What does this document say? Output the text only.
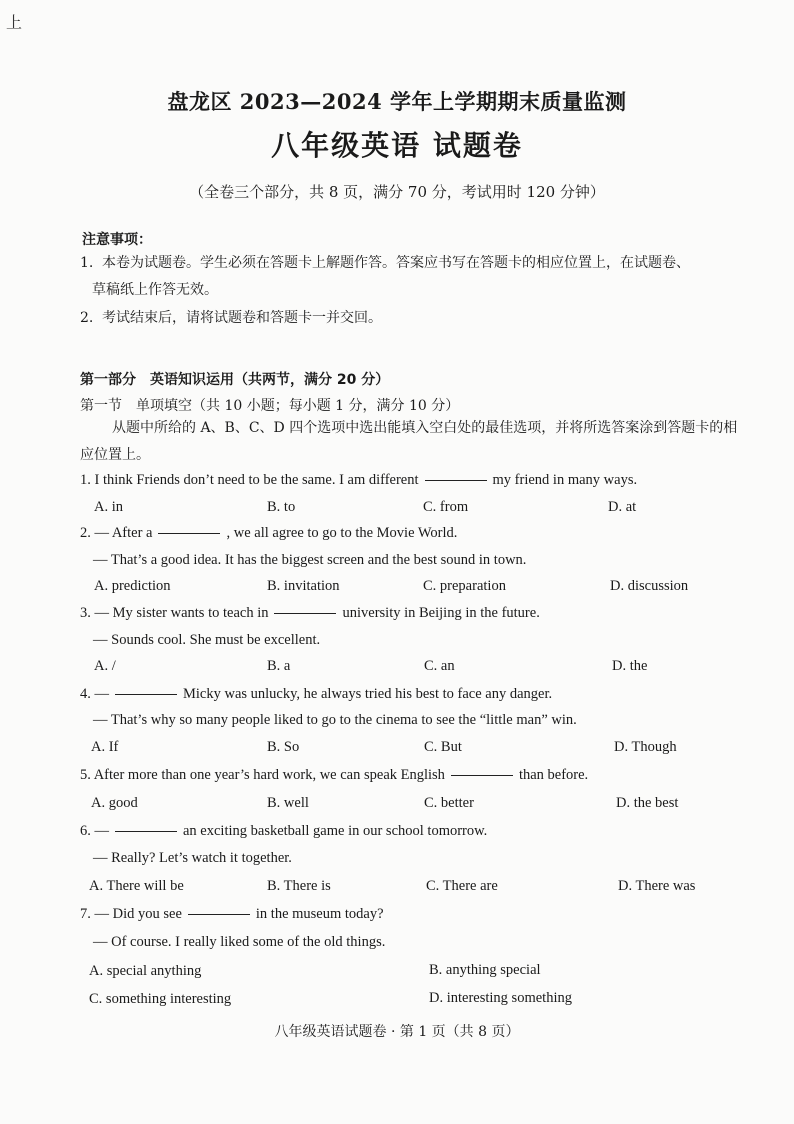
上
盘龙区 2023—2024 学年上学期期末质量监测
八年级英语 试题卷
（全卷三个部分，共 8 页，满分 70 分，考试用时 120 分钟）
注意事项：
1. 本卷为试题卷。学生必须在答题卡上解题作答。答案应书写在答题卡的相应位置上，在试题卷、
草稿纸上作答无效。
2. 考试结束后，请将试题卷和答题卡一并交回。
第一部分　英语知识运用（共两节，满分 20 分）
第一节　单项填空（共 10 小题；每小题 1 分，满分 10 分）
从题中所给的 A、B、C、D 四个选项中选出能填入空白处的最佳选项，并将所选答案涂到答题卡的相应位置上。
1. I think Friends don’t need to be the same. I am different	my friend in many ways.
A. in	B. to	C. from	D. at
2. — After a	, we all agree to go to the Movie World.
— That’s a good idea. It has the biggest screen and the best sound in town.
A. prediction	B. invitation	C. preparation	D. discussion
3. — My sister wants to teach in	university in Beijing in the future.
— Sounds cool. She must be excellent.
A. /	B. a	C. an	D. the
4. —	Micky was unlucky, he always tried his best to face any danger.
— That’s why so many people liked to go to the cinema to see the “little man” win.
A. If	B. So	C. But	D. Though
5. After more than one year’s hard work, we can speak English	than before.
A. good	B. well	C. better	D. the best
6. —	an exciting basketball game in our school tomorrow.
— Really? Let’s watch it together.
A. There will be	B. There is	C. There are	D. There was
7. — Did you see	in the museum today?
— Of course. I really liked some of the old things.
A. special anything	B. anything special
C. something interesting	D. interesting something
八年级英语试题卷 · 第 1 页（共 8 页）
